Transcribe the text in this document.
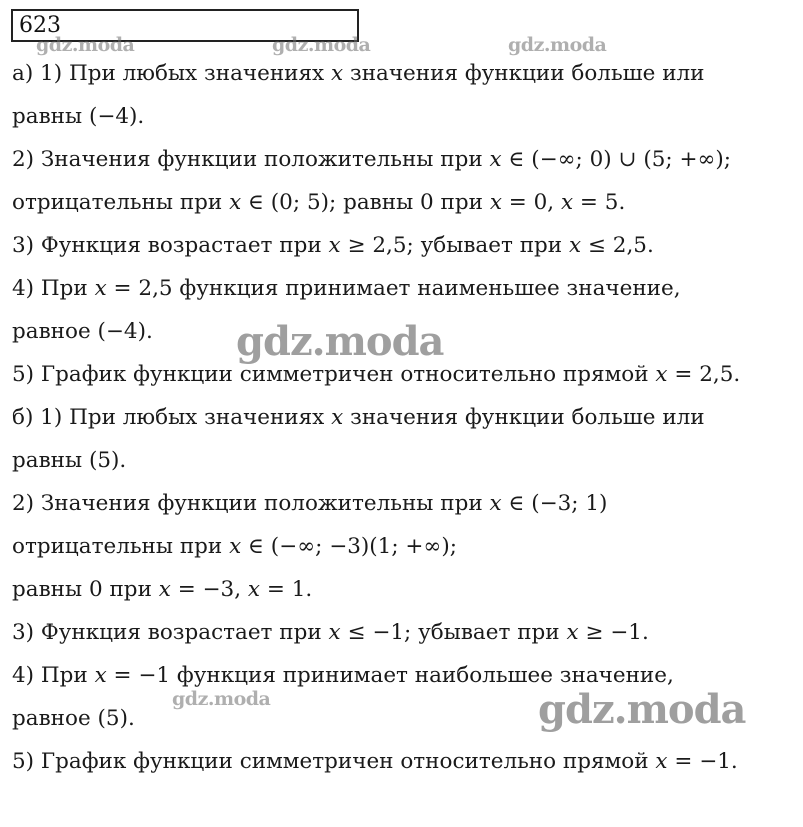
623
а) 1) При любых значениях 𝑥 значения функции больше или
равны (−4).
2) Значения функции положительны при 𝑥 ∈ (−∞; 0) ∪ (5; +∞);
отрицательны при 𝑥 ∈ (0; 5); равны 0 при 𝑥 = 0, 𝑥 = 5.
3) Функция возрастает при 𝑥 ≥ 2,5; убывает при 𝑥 ≤ 2,5.
4) При 𝑥 = 2,5 функция принимает наименьшее значение,
равное (−4).
5) График функции симметричен относительно прямой 𝑥 = 2,5.
б) 1) При любых значениях 𝑥 значения функции больше или
равны (5).
2) Значения функции положительны при 𝑥 ∈ (−3; 1)
отрицательны при 𝑥 ∈ (−∞; −3)(1; +∞);
равны 0 при 𝑥 = −3, 𝑥 = 1.
3) Функция возрастает при 𝑥 ≤ −1; убывает при 𝑥 ≥ −1.
4) При 𝑥 = −1 функция принимает наибольшее значение,
равное (5).
5) График функции симметричен относительно прямой 𝑥 = −1.
gdz.moda	gdz.moda	gdz.moda
gdz.moda
gdz.moda	gdz.moda
